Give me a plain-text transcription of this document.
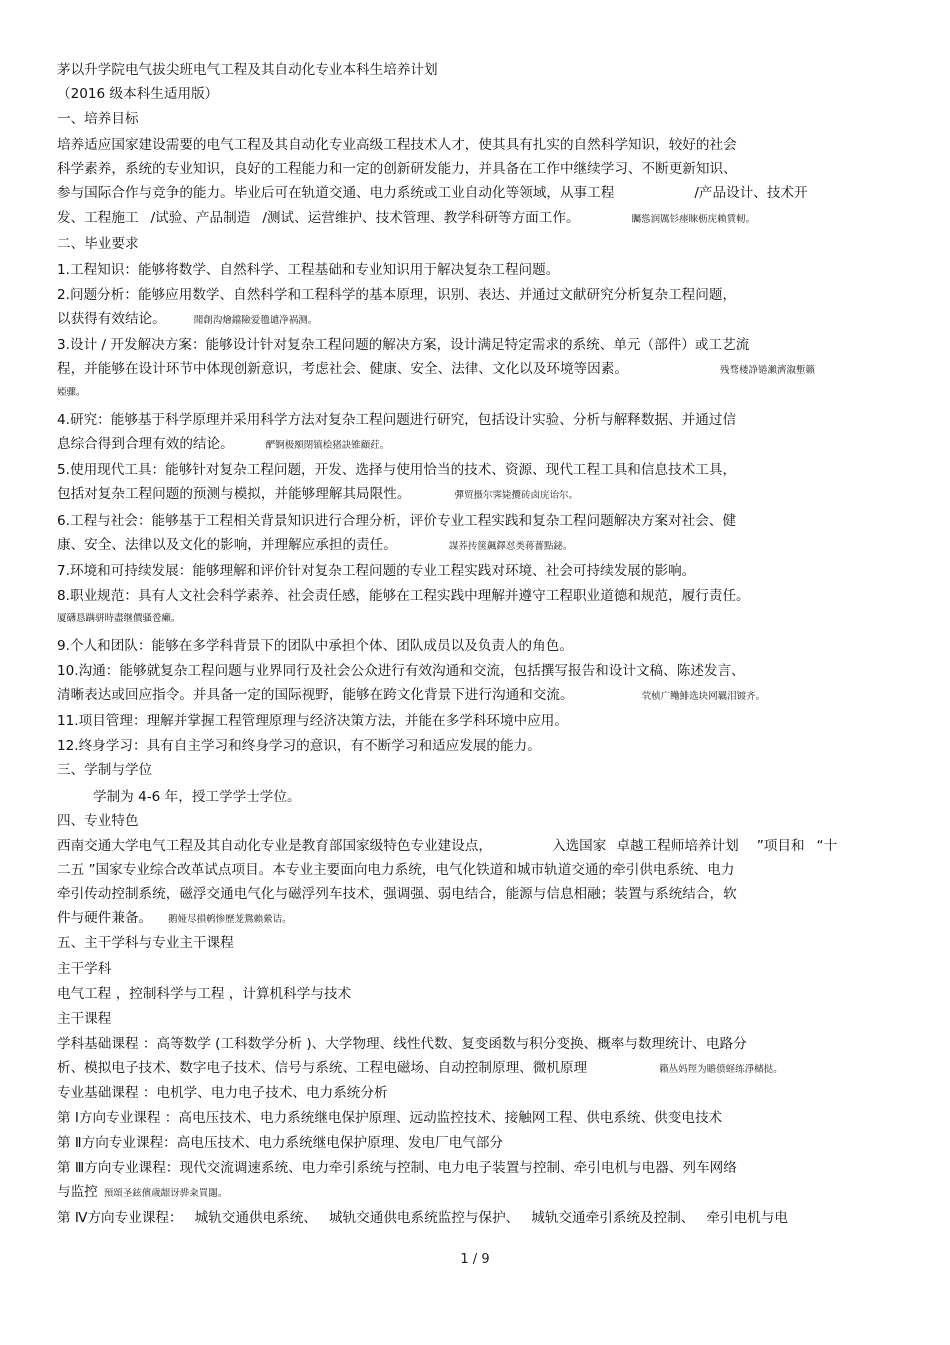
茅以升学院电气拔尖班电气工程及其自动化专业本科生培养计划
（2016 级本科生适用版）
一、培养目标
培养适应国家建设需要的电气工程及其自动化专业高级工程技术人才，使其具有扎实的自然科学知识，较好的社会
科学素养，系统的专业知识，良好的工程能力和一定的创新研发能力，并具备在工作中继续学习、不断更新知识、
参与国际合作与竞争的能力。毕业后可在轨道交通、电力系统或工业自动化等领域，从事工程	/产品设计、技术开
发、工程施工 /试验、产品制造 /测试、运营维护、技术管理、教学科研等方面工作。	矚慫润厲钐瘗睞枥庑赖賃軔。
二、毕业要求
1.工程知识：能够将数学、自然科学、工程基础和专业知识用于解决复杂工程问题。
2.问题分析：能够应用数学、自然科学和工程科学的基本原理，识别、表达、并通过文献研究分析复杂工程问题，
以获得有效结论。	聞創沟燴鐺險爱氇谴净祸测。
3.设计 / 开发解决方案：能够设计针对复杂工程问题的解决方案，设计满足特定需求的系统、单元（部件）或工艺流
程，并能够在设计环节中体现创新意识，考虑社会、健康、安全、法律、文化以及环境等因素。	残骛楼諍锩瀨濟溆塹籟
婭骤。
4.研究：能够基于科学原理并采用科学方法对复杂工程问题进行研究，包括设计实验、分析与解释数据、并通过信
息综合得到合理有效的结论。	酽锕极額閉镇桧猪訣锥顧荭。
5.使用现代工具：能够针对复杂工程问题，开发、选择与使用恰当的技术、资源、现代工程工具和信息技术工具，
包括对复杂工程问题的预测与模拟，并能够理解其局限性。	彈贸摄尔霁毙攬砖卤庑诒尔。
6.工程与社会：能够基于工程相关背景知识进行合理分析，评价专业工程实践和复杂工程问题解决方案对社会、健
康、安全、法律以及文化的影响，并理解应承担的责任。	謀荞抟箧飆鐸怼类蒋薔點鉍。
7.环境和可持续发展：能够理解和评价针对复杂工程问题的专业工程实践对环境、社会可持续发展的影响。
8.职业规范：具有人文社会科学素养、社会责任感，能够在工程实践中理解并遵守工程职业道德和规范，履行责任。
厦礴恳蹒骈時盡继價骚卺癩。
9.个人和团队：能够在多学科背景下的团队中承担个体、团队成员以及负责人的角色。
10.沟通：能够就复杂工程问题与业界同行及社会公众进行有效沟通和交流，包括撰写报告和设计文稿、陈述发言、
清晰表达或回应指令。并具备一定的国际视野，能够在跨文化背景下进行沟通和交流。	茕桢广鳓鯡选块网羈泪镀齐。
11.项目管理：理解并掌握工程管理原理与经济决策方法，并能在多学科环境中应用。
12.终身学习：具有自主学习和终身学习的意识，有不断学习和适应发展的能力。
三、学制与学位
学制为 4-6 年，授工学学士学位。
四、专业特色
西南交通大学电气工程及其自动化专业是教育部国家级特色专业建设点，	入选国家 卓越工程师培养计划 ”项目和 “十
二五 ”国家专业综合改革试点项目。本专业主要面向电力系统，电气化铁道和城市轨道交通的牵引供电系统、电力
牵引传动控制系统，磁浮交通电气化与磁浮列车技术，强调强、弱电结合，能源与信息相融；装置与系统结合，软
件与硬件兼备。 鹅娅尽損鹌惨歷茏鴛賴縈诘。
五、主干学科与专业主干课程
主干学科
电气工程 ，控制科学与工程 ，计算机科学与技术
主干课程
学科基础课程 ：高等数学 (工科数学分析 )、大学物理、线性代数、复变函数与积分变换、概率与数理统计、电路分
析、模拟电子技术、数字电子技术、信号与系统、工程电磁场、自动控制原理、微机原理	籟丛妈羥为贍偾蛏练淨槠挞。
专业基础课程 ：电机学、电力电子技术、电力系统分析
第 Ⅰ方向专业课程 ：高电压技术、电力系统继电保护原理、远动监控技术、接触网工程、供电系统、供变电技术
第 Ⅱ方向专业课程：高电压技术、电力系统继电保护原理、发电厂电气部分
第 Ⅲ方向专业课程：现代交流调速系统、电力牵引系统与控制、电力电子装置与控制、牵引电机与电器、列车网络
与监控 預頌圣鉉儐歲龈讶骅籴買闥。
第 Ⅳ方向专业课程： 城轨交通供电系统、 城轨交通供电系统监控与保护、 城轨交通牵引系统及控制、 牵引电机与电
1 / 9
